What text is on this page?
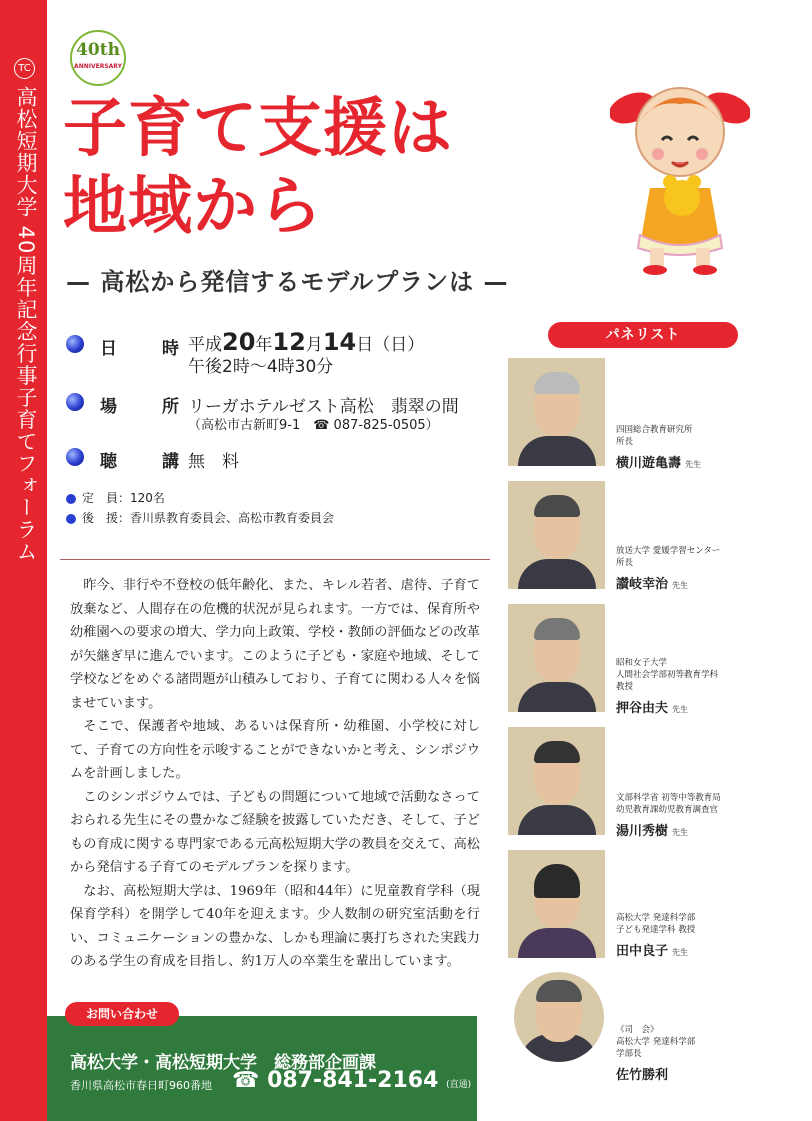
TC
高松短期大学 40周年記念行事子育てフォーラム
40th
ANNIVERSARY
子育て支援は
地域から
— 高松から発信するモデルプランは —
日　時
平成20年12月14日（日）
午後2時〜4時30分
場　所
リーガホテルゼスト高松　翡翠の間
（高松市古新町9-1　☎ 087-825-0505）
聴　講
無　料
定　員：120名
後　援：香川県教育委員会、高松市教育委員会

昨今、非行や不登校の低年齢化、また、キレル若者、虐待、子育て放棄など、人間存在の危機的状況が見られます。一方では、保育所や幼稚園への要求の増大、学力向上政策、学校・教師の評価などの改革が矢継ぎ早に進んでいます。このように子ども・家庭や地域、そして学校などをめぐる諸問題が山積みしており、子育てに関わる人々を悩ませています。

そこで、保護者や地域、あるいは保育所・幼稚園、小学校に対して、子育ての方向性を示唆することができないかと考え、シンポジウムを計画しました。

このシンポジウムでは、子どもの問題について地域で活動なさっておられる先生にその豊かなご経験を披露していただき、そして、子どもの育成に関する専門家である元高松短期大学の教員を交えて、高松から発信する子育てのモデルプランを探ります。

なお、高松短期大学は、1969年（昭和44年）に児童教育学科（現保育学科）を開学して40年を迎えます。少人数制の研究室活動を行い、コミュニケーションの豊かな、しかも理論に裏打ちされた実践力のある学生の育成を目指し、約1万人の卒業生を輩出しています。

お問い合わせ
高松大学・高松短期大学　総務部企画課
香川県高松市春日町960番地 ☎ 087-841-2164 (直通)
パネリスト
四国総合教育研究所
所長
横川遊亀壽 先生
放送大学 愛媛学習センター
所長
讃岐幸治 先生
昭和女子大学
人間社会学部初等教育学科
教授
押谷由夫 先生
文部科学省 初等中等教育局
幼児教育課幼児教育調査官
湯川秀樹 先生
高松大学 発達科学部
子ども発達学科 教授
田中良子 先生
《司　会》
高松大学 発達科学部
学部長
佐竹勝利
